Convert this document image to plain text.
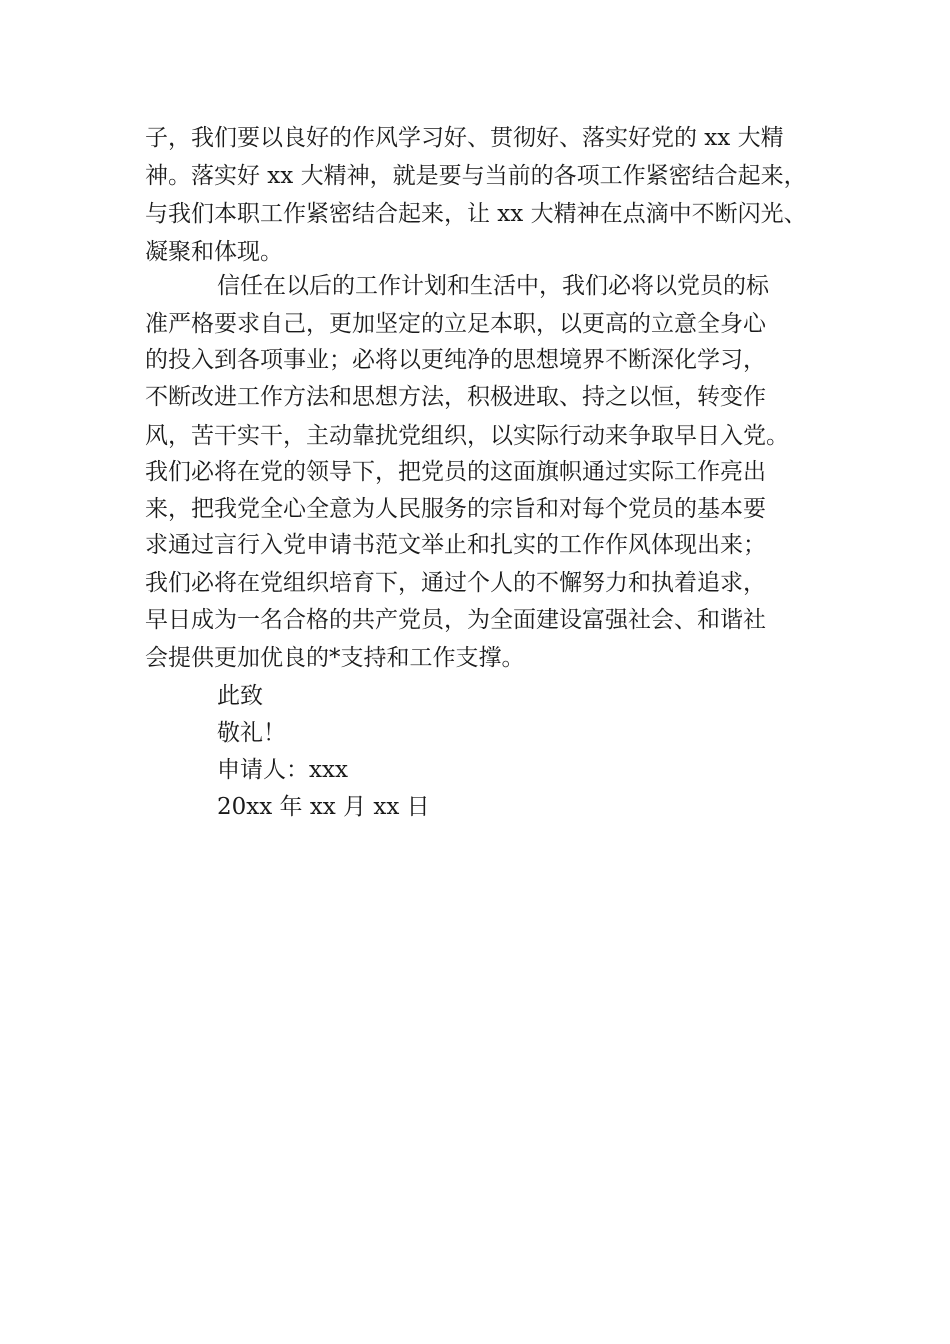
子，我们要以良好的作风学习好、贯彻好、落实好党的 xx 大精
神。落实好 xx 大精神，就是要与当前的各项工作紧密结合起来，
与我们本职工作紧密结合起来，让 xx 大精神在点滴中不断闪光、
凝聚和体现。
信任在以后的工作计划和生活中，我们必将以党员的标
准严格要求自己，更加坚定的立足本职，以更高的立意全身心
的投入到各项事业；必将以更纯净的思想境界不断深化学习，
不断改进工作方法和思想方法，积极进取、持之以恒，转变作
风，苦干实干，主动靠扰党组织，以实际行动来争取早日入党。
我们必将在党的领导下，把党员的这面旗帜通过实际工作亮出
来，把我党全心全意为人民服务的宗旨和对每个党员的基本要
求通过言行入党申请书范文举止和扎实的工作作风体现出来；
我们必将在党组织培育下，通过个人的不懈努力和执着追求，
早日成为一名合格的共产党员，为全面建设富强社会、和谐社
会提供更加优良的*支持和工作支撑。
此致
敬礼！
申请人：xxx
20xx 年 xx 月 xx 日
